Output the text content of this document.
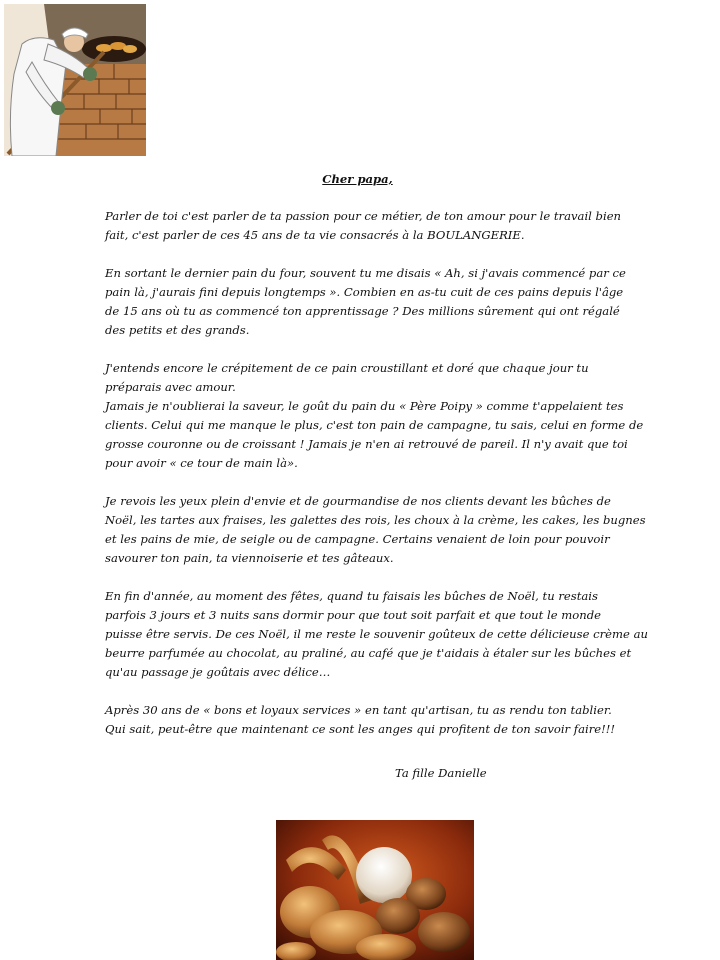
Cher papa,

Parler de toi c'est parler de ta passion pour ce métier, de ton amour pour le travail bien
fait, c'est parler de ces 45 ans de ta vie consacrés à la BOULANGERIE.

En sortant le dernier pain du four, souvent tu me disais « Ah, si j'avais commencé par ce
pain là, j'aurais fini depuis longtemps ». Combien en as-tu cuit de ces pains depuis l'âge
de 15 ans où tu as commencé ton apprentissage ? Des millions sûrement qui ont régalé
des petits et des grands.

J'entends encore le crépitement de ce pain croustillant et doré que chaque jour tu
préparais avec amour.
Jamais je n'oublierai la saveur, le goût du pain du « Père Poipy » comme t'appelaient tes
clients. Celui qui me manque le plus, c'est ton pain de campagne, tu sais, celui en forme de
grosse couronne ou de croissant ! Jamais je n'en ai retrouvé de pareil. Il n'y avait que toi
pour avoir « ce tour de main là».

Je revois les yeux plein d'envie et de gourmandise de nos clients devant les bûches de
Noël, les tartes aux fraises, les galettes des rois, les choux à la crème, les cakes, les bugnes
et les pains de mie, de seigle ou de campagne. Certains venaient de loin pour pouvoir
savourer ton pain, ta viennoiserie et tes gâteaux.

En fin d'année, au moment des fêtes, quand tu faisais les bûches de Noël, tu restais
parfois 3 jours et 3 nuits sans dormir pour que tout soit parfait et que tout le monde
puisse être servis. De ces Noël, il me reste le souvenir goûteux de cette délicieuse crème au
beurre parfumée au chocolat, au praliné, au café que je t'aidais à étaler sur les bûches et
qu'au passage je goûtais avec délice…

Après 30 ans de « bons et loyaux services » en tant qu'artisan, tu as rendu ton tablier.
Qui sait, peut-être que maintenant ce sont les anges qui profitent de ton savoir faire!!!

Ta fille Danielle
